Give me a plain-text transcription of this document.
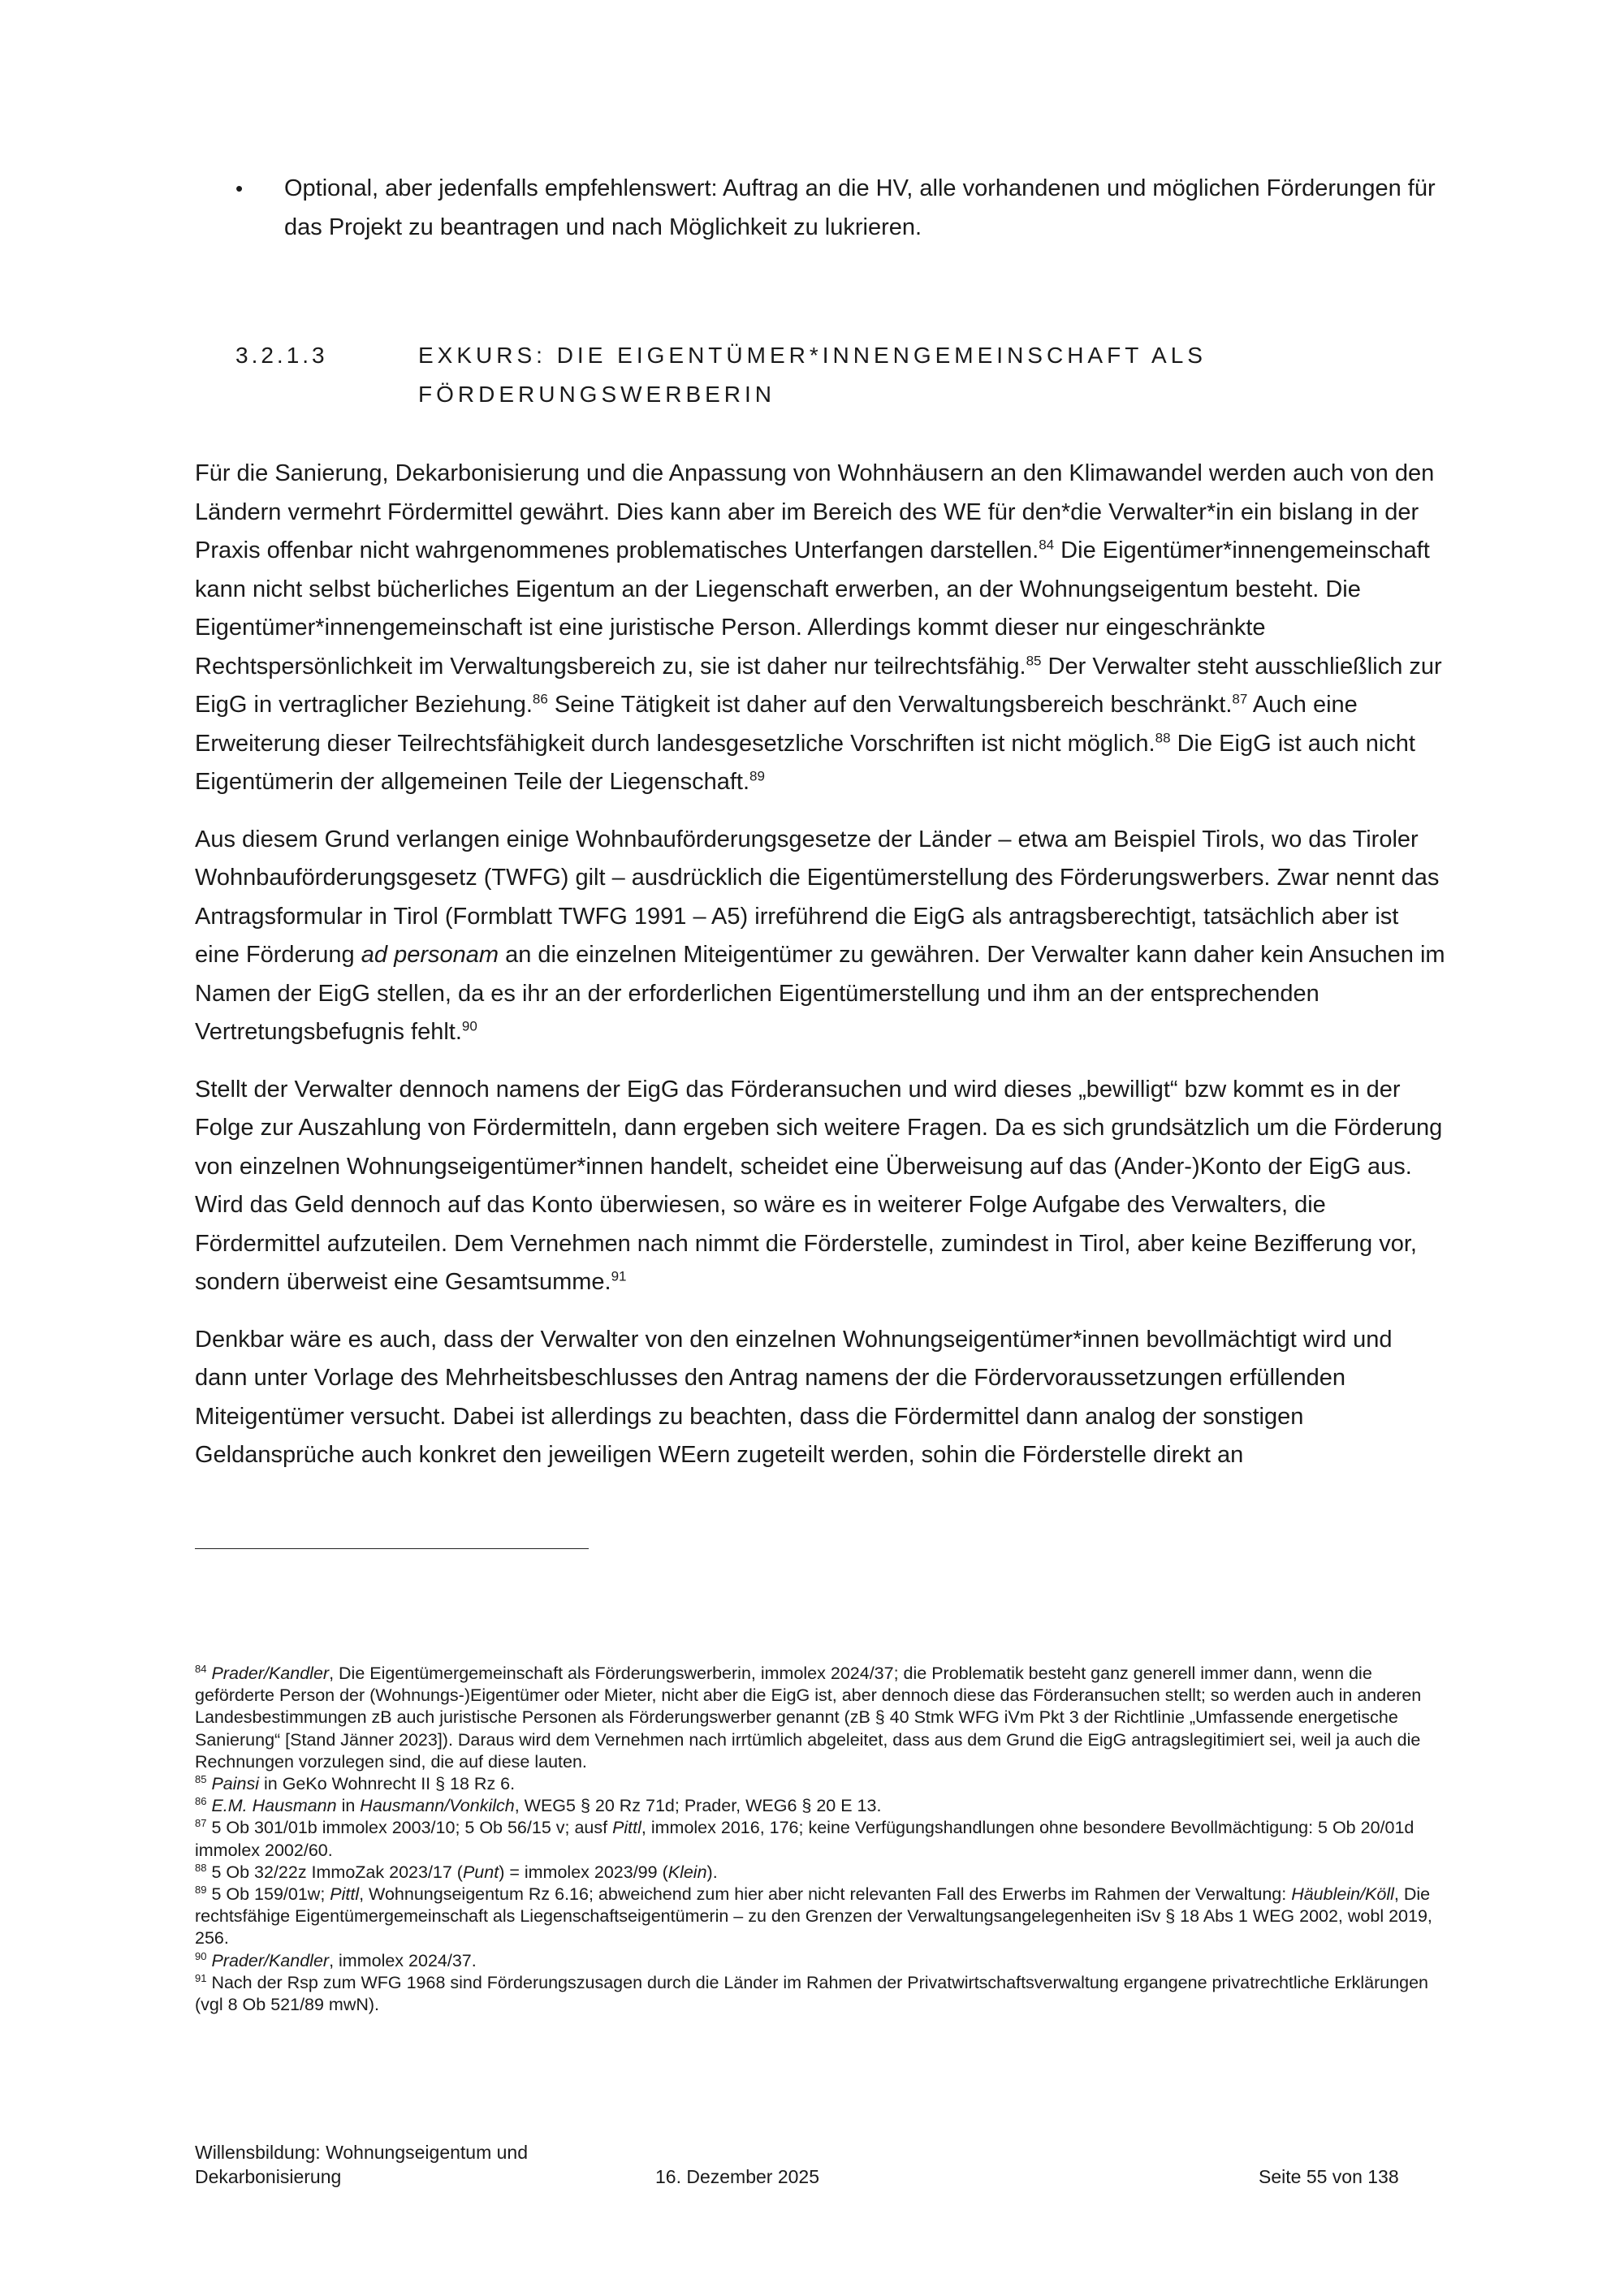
•	Optional, aber jedenfalls empfehlenswert: Auftrag an die HV, alle vorhandenen und möglichen Förderungen für das Projekt zu beantragen und nach Möglichkeit zu lukrieren.
3.2.1.3	EXKURS: DIE EIGENTÜMER*INNENGEMEINSCHAFT ALS FÖRDERUNGSWERBERIN

Für die Sanierung, Dekarbonisierung und die Anpassung von Wohnhäusern an den Klimawandel werden auch von den Ländern vermehrt Fördermittel gewährt. Dies kann aber im Bereich des WE für den*die Verwalter*in ein bislang in der Praxis offenbar nicht wahrgenommenes problematisches Unterfangen darstellen.$^{84}$ Die Eigentümer*innengemeinschaft kann nicht selbst bücherliches Eigentum an der Liegenschaft erwerben, an der Wohnungseigentum besteht. Die Eigentümer*innengemeinschaft ist eine juristische Person. Allerdings kommt dieser nur eingeschränkte Rechtspersönlichkeit im Verwaltungsbereich zu, sie ist daher nur teilrechtsfähig.$^{85}$ Der Verwalter steht ausschließlich zur EigG in vertraglicher Beziehung.$^{86}$ Seine Tätigkeit ist daher auf den Verwaltungsbereich beschränkt.$^{87}$ Auch eine Erweiterung dieser Teilrechtsfähigkeit durch landesgesetzliche Vorschriften ist nicht möglich.$^{88}$ Die EigG ist auch nicht Eigentümerin der allgemeinen Teile der Liegenschaft.$^{89}$

Aus diesem Grund verlangen einige Wohnbauförderungsgesetze der Länder – etwa am Beispiel Tirols, wo das Tiroler Wohnbauförderungsgesetz (TWFG) gilt – ausdrücklich die Eigentümerstellung des Förderungswerbers. Zwar nennt das Antragsformular in Tirol (Formblatt TWFG 1991 – A5) irreführend die EigG als antragsberechtigt, tatsächlich aber ist eine Förderung ad personam an die einzelnen Miteigentümer zu gewähren. Der Verwalter kann daher kein Ansuchen im Namen der EigG stellen, da es ihr an der erforderlichen Eigentümerstellung und ihm an der entsprechenden Vertretungsbefugnis fehlt.$^{90}$

Stellt der Verwalter dennoch namens der EigG das Förderansuchen und wird dieses „bewilligt“ bzw kommt es in der Folge zur Auszahlung von Fördermitteln, dann ergeben sich weitere Fragen. Da es sich grundsätzlich um die Förderung von einzelnen Wohnungseigentümer*innen handelt, scheidet eine Überweisung auf das (Ander-)Konto der EigG aus. Wird das Geld dennoch auf das Konto überwiesen, so wäre es in weiterer Folge Aufgabe des Verwalters, die Fördermittel aufzuteilen. Dem Vernehmen nach nimmt die Förderstelle, zumindest in Tirol, aber keine Bezifferung vor, sondern überweist eine Gesamtsumme.$^{91}$

Denkbar wäre es auch, dass der Verwalter von den einzelnen Wohnungseigentümer*innen bevollmächtigt wird und dann unter Vorlage des Mehrheitsbeschlusses den Antrag namens der die Fördervoraussetzungen erfüllenden Miteigentümer versucht. Dabei ist allerdings zu beachten, dass die Fördermittel dann analog der sonstigen Geldansprüche auch konkret den jeweiligen WEern zugeteilt werden, sohin die Förderstelle direkt an

$^{84}$ Prader/Kandler, Die Eigentümergemeinschaft als Förderungswerberin, immolex 2024/37; die Problematik besteht ganz generell immer dann, wenn die geförderte Person der (Wohnungs-)Eigentümer oder Mieter, nicht aber die EigG ist, aber dennoch diese das Förderansuchen stellt; so werden auch in anderen Landesbestimmungen zB auch juristische Personen als Förderungswerber genannt (zB § 40 Stmk WFG iVm Pkt 3 der Richtlinie „Umfassende energetische Sanierung“ [Stand Jänner 2023]). Daraus wird dem Vernehmen nach irrtümlich abgeleitet, dass aus dem Grund die EigG antragslegitimiert sei, weil ja auch die Rechnungen vorzulegen sind, die auf diese lauten.

$^{85}$ Painsi in GeKo Wohnrecht II § 18 Rz 6.

$^{86}$ E.M. Hausmann in Hausmann/Vonkilch, WEG5 § 20 Rz 71d; Prader, WEG6 § 20 E 13.

$^{87}$ 5 Ob 301/01b immolex 2003/10; 5 Ob 56/15 v; ausf Pittl, immolex 2016, 176; keine Verfügungshandlungen ohne besondere Bevollmächtigung: 5 Ob 20/01d immolex 2002/60.

$^{88}$ 5 Ob 32/22z ImmoZak 2023/17 (Punt) = immolex 2023/99 (Klein).

$^{89}$ 5 Ob 159/01w; Pittl, Wohnungseigentum Rz 6.16; abweichend zum hier aber nicht relevanten Fall des Erwerbs im Rahmen der Verwaltung: Häublein/Köll, Die rechtsfähige Eigentümergemeinschaft als Liegenschaftseigentümerin – zu den Grenzen der Verwaltungsangelegenheiten iSv § 18 Abs 1 WEG 2002, wobl 2019, 256.

$^{90}$ Prader/Kandler, immolex 2024/37.

$^{91}$ Nach der Rsp zum WFG 1968 sind Förderungszusagen durch die Länder im Rahmen der Privatwirtschaftsverwaltung ergangene privatrechtliche Erklärungen (vgl 8 Ob 521/89 mwN).

Willensbildung: Wohnungseigentum und
Dekarbonisierung	16. Dezember 2025	Seite 55 von 138
